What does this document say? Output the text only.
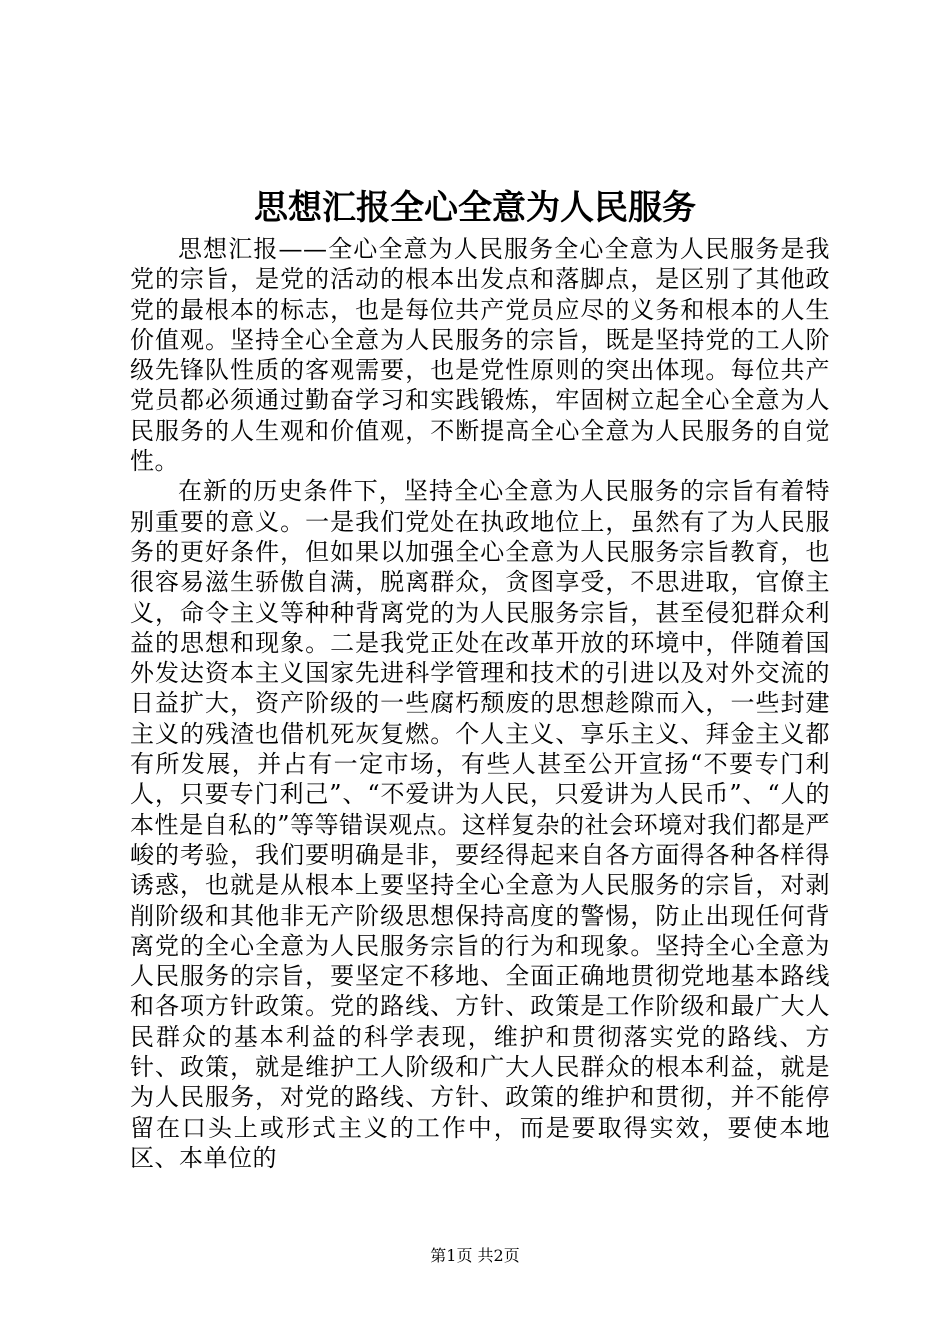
思想汇报全心全意为人民服务

思想汇报——全心全意为人民服务全心全意为人民服务是我党的宗旨，是党的活动的根本出发点和落脚点，是区别了其他政党的最根本的标志，也是每位共产党员应尽的义务和根本的人生价值观。坚持全心全意为人民服务的宗旨，既是坚持党的工人阶级先锋队性质的客观需要，也是党性原则的突出体现。每位共产党员都必须通过勤奋学习和实践锻炼，牢固树立起全心全意为人民服务的人生观和价值观，不断提高全心全意为人民服务的自觉性。

在新的历史条件下，坚持全心全意为人民服务的宗旨有着特别重要的意义。一是我们党处在执政地位上，虽然有了为人民服务的更好条件，但如果以加强全心全意为人民服务宗旨教育，也很容易滋生骄傲自满，脱离群众，贪图享受，不思进取，官僚主义，命令主义等种种背离党的为人民服务宗旨，甚至侵犯群众利益的思想和现象。二是我党正处在改革开放的环境中，伴随着国外发达资本主义国家先进科学管理和技术的引进以及对外交流的日益扩大，资产阶级的一些腐朽颓废的思想趁隙而入，一些封建主义的残渣也借机死灰复燃。个人主义、享乐主义、拜金主义都有所发展，并占有一定市场，有些人甚至公开宣扬“不要专门利人，只要专门利己”、“不爱讲为人民，只爱讲为人民币”、“人的本性是自私的”等等错误观点。这样复杂的社会环境对我们都是严峻的考验，我们要明确是非，要经得起来自各方面得各种各样得诱惑，也就是从根本上要坚持全心全意为人民服务的宗旨，对剥削阶级和其他非无产阶级思想保持高度的警惕，防止出现任何背离党的全心全意为人民服务宗旨的行为和现象。坚持全心全意为人民服务的宗旨，要坚定不移地、全面正确地贯彻党地基本路线和各项方针政策。党的路线、方针、政策是工作阶级和最广大人民群众的基本利益的科学表现，维护和贯彻落实党的路线、方针、政策，就是维护工人阶级和广大人民群众的根本利益，就是为人民服务，对党的路线、方针、政策的维护和贯彻，并不能停留在口头上或形式主义的工作中，而是要取得实效，要使本地区、本单位的

第1页 共2页
